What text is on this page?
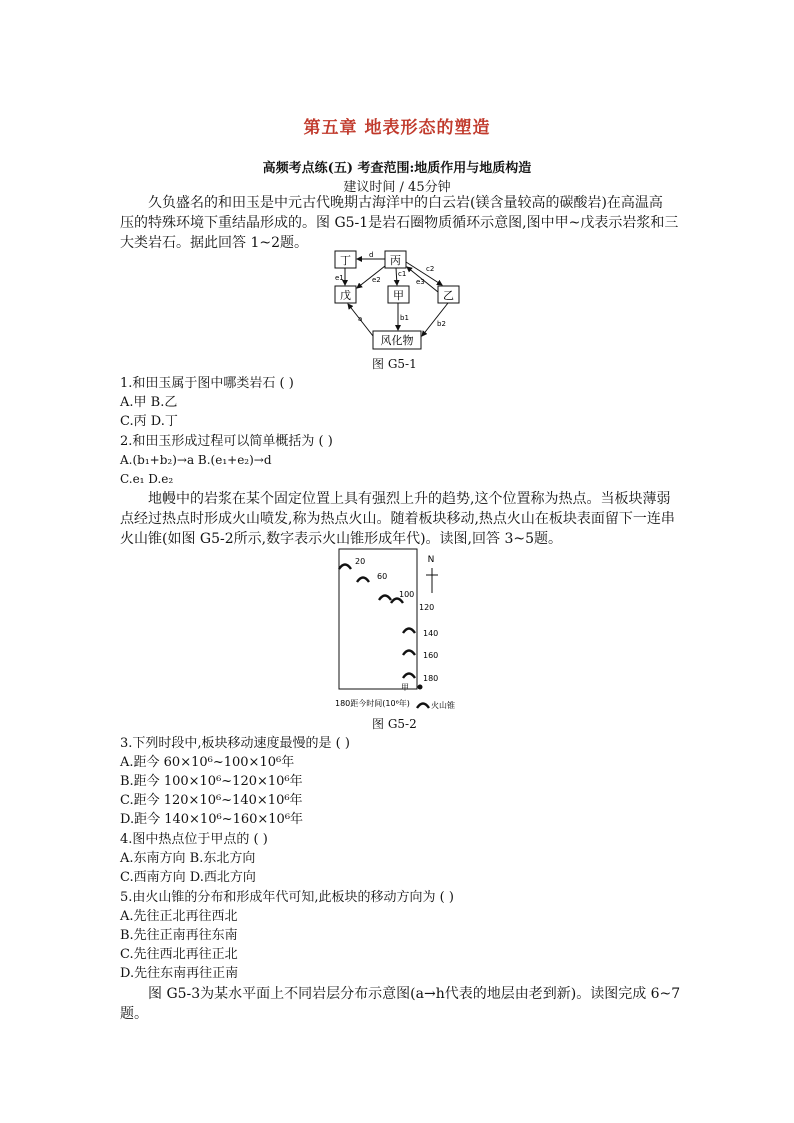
第五章 地表形态的塑造
高频考点练(五) 考查范围:地质作用与地质构造
建议时间 / 45分钟
久负盛名的和田玉是中元古代晚期古海洋中的白云岩(镁含量较高的碳酸岩)在高温高
压的特殊环境下重结晶形成的。图 G5-1是岩石圈物质循环示意图,图中甲~戊表示岩浆和三
大类岩石。据此回答 1~2题。
丁	丙
戊	甲	乙
风化物
d
c1
e1	e2	e3
c2
b1
a
b2
图 G5-1
1.和田玉属于图中哪类岩石 ( )
A.甲 B.乙
C.丙 D.丁
2.和田玉形成过程可以简单概括为 ( )
A.(b₁+b₂)→a B.(e₁+e₂)→d
C.e₁ D.e₂
地幔中的岩浆在某个固定位置上具有强烈上升的趋势,这个位置称为热点。当板块薄弱
点经过热点时形成火山喷发,称为热点火山。随着板块移动,热点火山在板块表面留下一连串
火山锥(如图 G5-2所示,数字表示火山锥形成年代)。读图,回答 3~5题。
N
20
60
100
120
140
160
180
甲
180距今时间(10⁶年)	火山锥
图 G5-2
3.下列时段中,板块移动速度最慢的是 ( )
A.距今 60×10⁶~100×10⁶年
B.距今 100×10⁶~120×10⁶年
C.距今 120×10⁶~140×10⁶年
D.距今 140×10⁶~160×10⁶年
4.图中热点位于甲点的 ( )
A.东南方向 B.东北方向
C.西南方向 D.西北方向
5.由火山锥的分布和形成年代可知,此板块的移动方向为 ( )
A.先往正北再往西北
B.先往正南再往东南
C.先往西北再往正北
D.先往东南再往正南
图 G5-3为某水平面上不同岩层分布示意图(a→h代表的地层由老到新)。读图完成 6~7
题。
